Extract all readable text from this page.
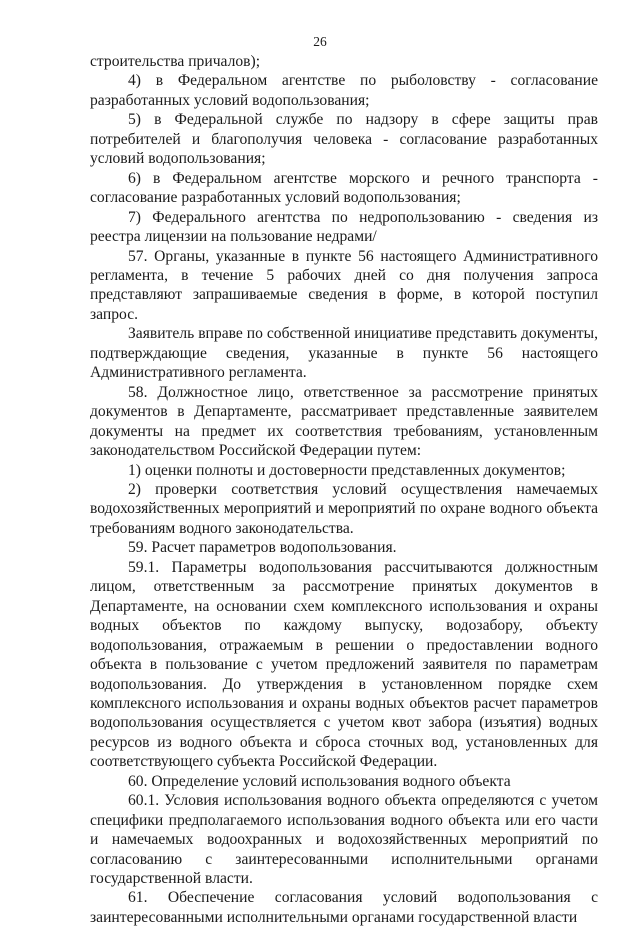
26

строительства причалов);

4) в Федеральном агентстве по рыболовству - согласование разработанных условий водопользования;

5) в Федеральной службе по надзору в сфере защиты прав потребителей и благополучия человека - согласование разработанных условий водопользования;

6) в Федеральном агентстве морского и речного транспорта - согласование разработанных условий водопользования;

7) Федерального агентства по недропользованию - сведения из реестра лицензии на пользование недрами/

57. Органы, указанные в пункте 56 настоящего Административного регламента, в течение 5 рабочих дней со дня получения запроса представляют запрашиваемые сведения в форме, в которой поступил запрос.

Заявитель вправе по собственной инициативе представить документы, подтверждающие сведения, указанные в пункте 56 настоящего Административного регламента.

58. Должностное лицо, ответственное за рассмотрение принятых документов в Департаменте, рассматривает представленные заявителем документы на предмет их соответствия требованиям, установленным законодательством Российской Федерации путем:

1) оценки полноты и достоверности представленных документов;

2) проверки соответствия условий осуществления намечаемых водохозяйственных мероприятий и мероприятий по охране водного объекта требованиям водного законодательства.

59. Расчет параметров водопользования.

59.1. Параметры водопользования рассчитываются должностным лицом, ответственным за рассмотрение принятых документов в Департаменте, на основании схем комплексного использования и охраны водных объектов по каждому выпуску, водозабору, объекту водопользования, отражаемым в решении о предоставлении водного объекта в пользование с учетом предложений заявителя по параметрам водопользования. До утверждения в установленном порядке схем комплексного использования и охраны водных объектов расчет параметров водопользования осуществляется с учетом квот забора (изъятия) водных ресурсов из водного объекта и сброса сточных вод, установленных для соответствующего субъекта Российской Федерации.

60. Определение условий использования водного объекта

60.1. Условия использования водного объекта определяются с учетом специфики предполагаемого использования водного объекта или его части и намечаемых водоохранных и водохозяйственных мероприятий по согласованию с заинтересованными исполнительными органами государственной власти.

61. Обеспечение согласования условий водопользования с заинтересованными исполнительными органами государственной власти
